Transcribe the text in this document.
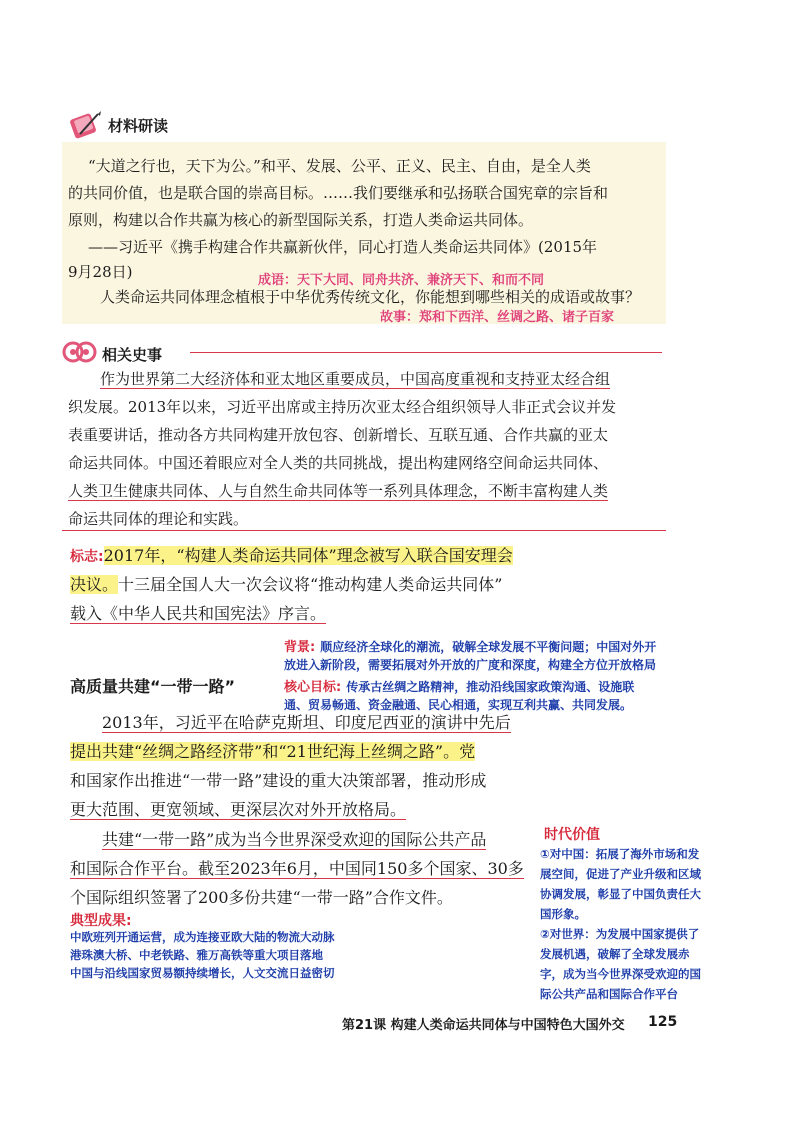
材料研读
“大道之行也，天下为公。”和平、发展、公平、正义、民主、自由，是全人类
的共同价值，也是联合国的崇高目标。……我们要继承和弘扬联合国宪章的宗旨和
原则，构建以合作共赢为核心的新型国际关系，打造人类命运共同体。
——习近平《携手构建合作共赢新伙伴，同心打造人类命运共同体》(2015年
9月28日)	成语：天下大同、同舟共济、兼济天下、和而不同
人类命运共同体理念植根于中华优秀传统文化，你能想到哪些相关的成语或故事？
故事：郑和下西洋、丝调之路、诸子百家
相关史事
作为世界第二大经济体和亚太地区重要成员，中国高度重视和支持亚太经合组
织发展。2013年以来，习近平出席或主持历次亚太经合组织领导人非正式会议并发
表重要讲话，推动各方共同构建开放包容、创新增长、互联互通、合作共赢的亚太
命运共同体。中国还着眼应对全人类的共同挑战，提出构建网络空间命运共同体、
人类卫生健康共同体、人与自然生命共同体等一系列具体理念，不断丰富构建人类
命运共同体的理论和实践。
标志:2017年，“构建人类命运共同体”理念被写入联合国安理会
决议。十三届全国人大一次会议将“推动构建人类命运共同体”
载入《中华人民共和国宪法》序言。
背景: 顺应经济全球化的潮流，破解全球发展不平衡问题；中国对外开
放进入新阶段，需要拓展对外开放的广度和深度，构建全方位开放格局
核心目标: 传承古丝绸之路精神，推动沿线国家政策沟通、设施联
通、贸易畅通、资金融通、民心相通，实现互利共赢、共同发展。
高质量共建“一带一路”
2013年，习近平在哈萨克斯坦、印度尼西亚的演讲中先后
提出共建“丝绸之路经济带”和“21世纪海上丝绸之路”。党
和国家作出推进“一带一路”建设的重大决策部署，推动形成
更大范围、更宽领域、更深层次对外开放格局。
共建“一带一路”成为当今世界深受欢迎的国际公共产品
和国际合作平台。截至2023年6月，中国同150多个国家、30多
个国际组织签署了200多份共建“一带一路”合作文件。
典型成果:
中欧班列开通运营，成为连接亚欧大陆的物流大动脉
港珠澳大桥、中老铁路、雅万高铁等重大项目落地
中国与沿线国家贸易额持续增长，人文交流日益密切
时代价值
①对中国：拓展了海外市场和发
展空间，促进了产业升级和区域
协调发展，彰显了中国负责任大
国形象。
②对世界：为发展中国家提供了
发展机遇，破解了全球发展赤
字，成为当今世界深受欢迎的国
际公共产品和国际合作平台
第21课 构建人类命运共同体与中国特色大国外交 125
